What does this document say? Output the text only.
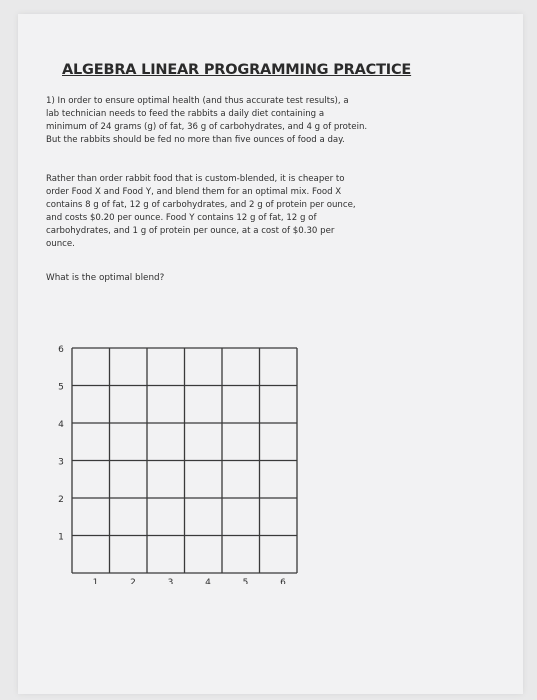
ALGEBRA LINEAR PROGRAMMING PRACTICE
1) In order to ensure optimal health (and thus accurate test results), a
lab technician needs to feed the rabbits a daily diet containing a
minimum of 24 grams (g) of fat, 36 g of carbohydrates, and 4 g of protein.
But the rabbits should be fed no more than five ounces of food a day.
Rather than order rabbit food that is custom-blended, it is cheaper to
order Food X and Food Y, and blend them for an optimal mix. Food X
contains 8 g of fat, 12 g of carbohydrates, and 2 g of protein per ounce,
and costs $0.20 per ounce. Food Y contains 12 g of fat, 12 g of
carbohydrates, and 1 g of protein per ounce, at a cost of $0.30 per
ounce.
What is the optimal blend?
6
5
4
3
2
1
1	2	3	4	5	6
